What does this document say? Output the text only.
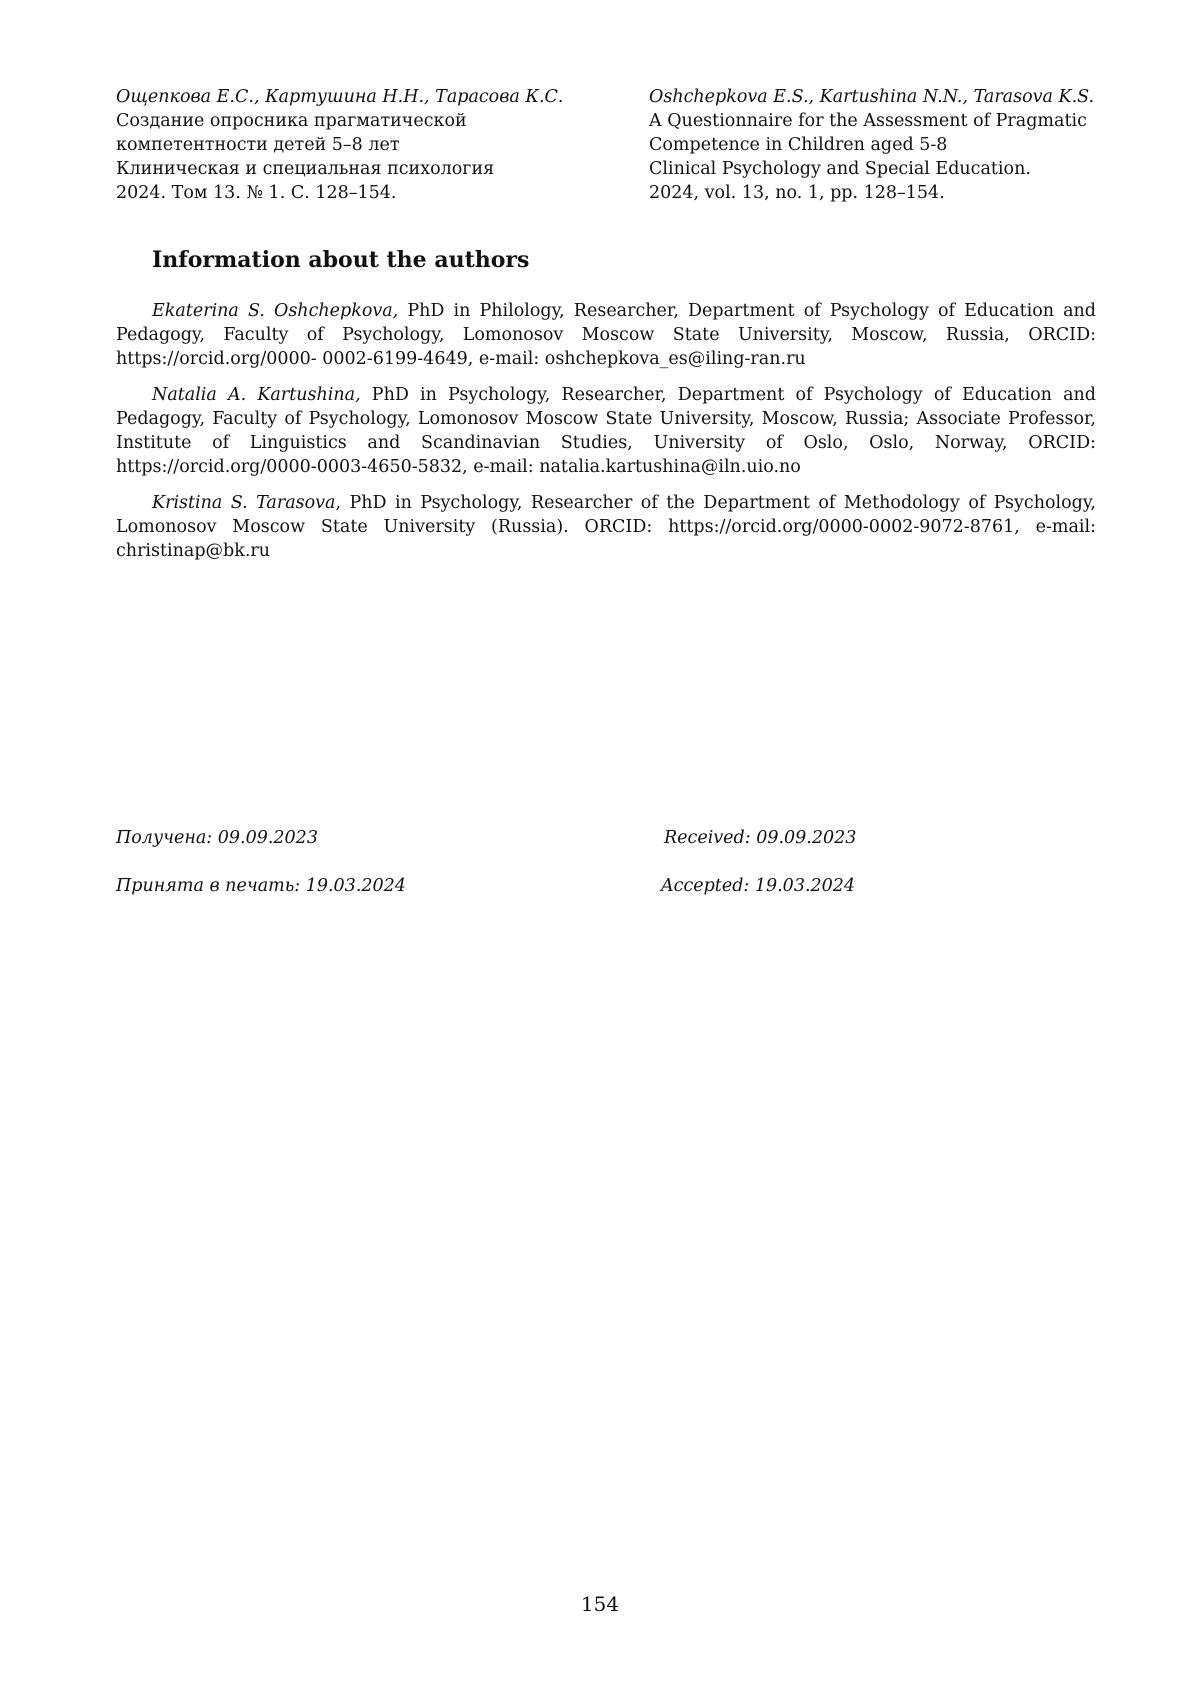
Ощепкова Е.С., Картушина Н.Н., Тарасова К.С.
Создание опросника прагматической
компетентности детей 5–8 лет
Клиническая и специальная психология
2024. Том 13. № 1. С. 128–154.
Oshchepkova E.S., Kartushina N.N., Tarasova K.S.
A Questionnaire for the Assessment of Pragmatic
Competence in Children aged 5-8
Clinical Psychology and Special Education.
2024, vol. 13, no. 1, pp. 128–154.
Information about the authors

Ekaterina S. Oshchepkova, PhD in Philology, Researcher, Department of Psychology of Education and Pedagogy, Faculty of Psychology, Lomonosov Moscow State University, Moscow, Russia, ORCID: https://orcid.org/0000- 0002-6199-4649, e-mail: oshchepkova_es@iling-ran.ru

Natalia A. Kartushina, PhD in Psychology, Researcher, Department of Psychology of Education and Pedagogy, Faculty of Psychology, Lomonosov Moscow State University, Moscow, Russia; Associate Professor, Institute of Linguistics and Scandinavian Studies, University of Oslo, Oslo, Norway, ORCID: https://orcid.org/0000-0003-4650-5832, e-mail: natalia.kartushina@iln.uio.no

Kristina S. Tarasova, PhD in Psychology, Researcher of the Department of Methodology of Psychology, Lomonosov Moscow State University (Russia). ORCID: https://orcid.org/0000-0002-9072-8761, e-mail: christinap@bk.ru

Получена: 09.09.2023	Received: 09.09.2023
Принята в печать: 19.03.2024	Accepted: 19.03.2024
154
